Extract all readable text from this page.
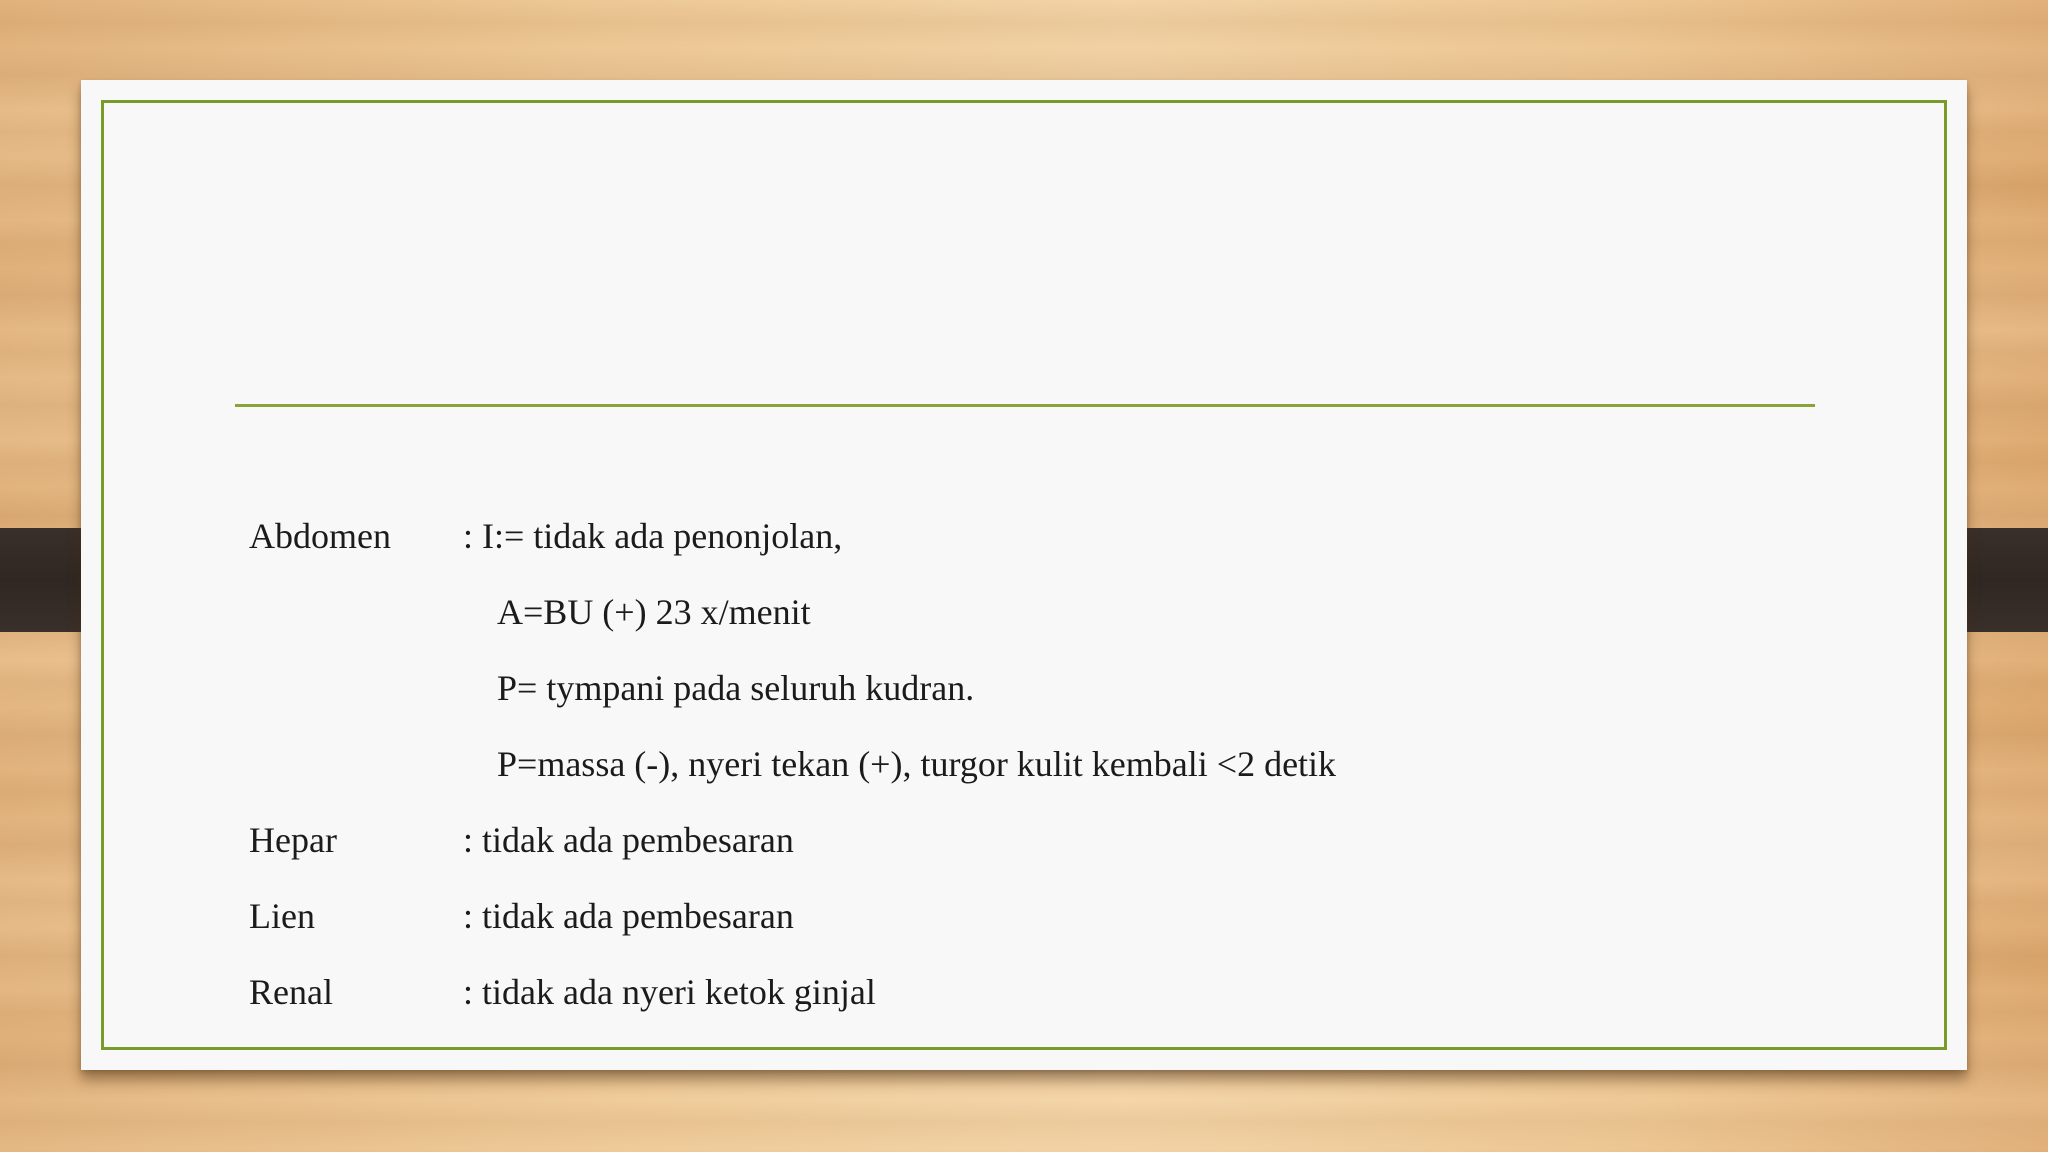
Abdomen : I:= tidak ada penonjolan,
A=BU (+) 23 x/menit
P= tympani pada seluruh kudran.
P=massa (-), nyeri tekan (+), turgor kulit kembali <2 detik
Hepar	: tidak ada pembesaran
Lien	: tidak ada pembesaran
Renal	: tidak ada nyeri ketok ginjal
